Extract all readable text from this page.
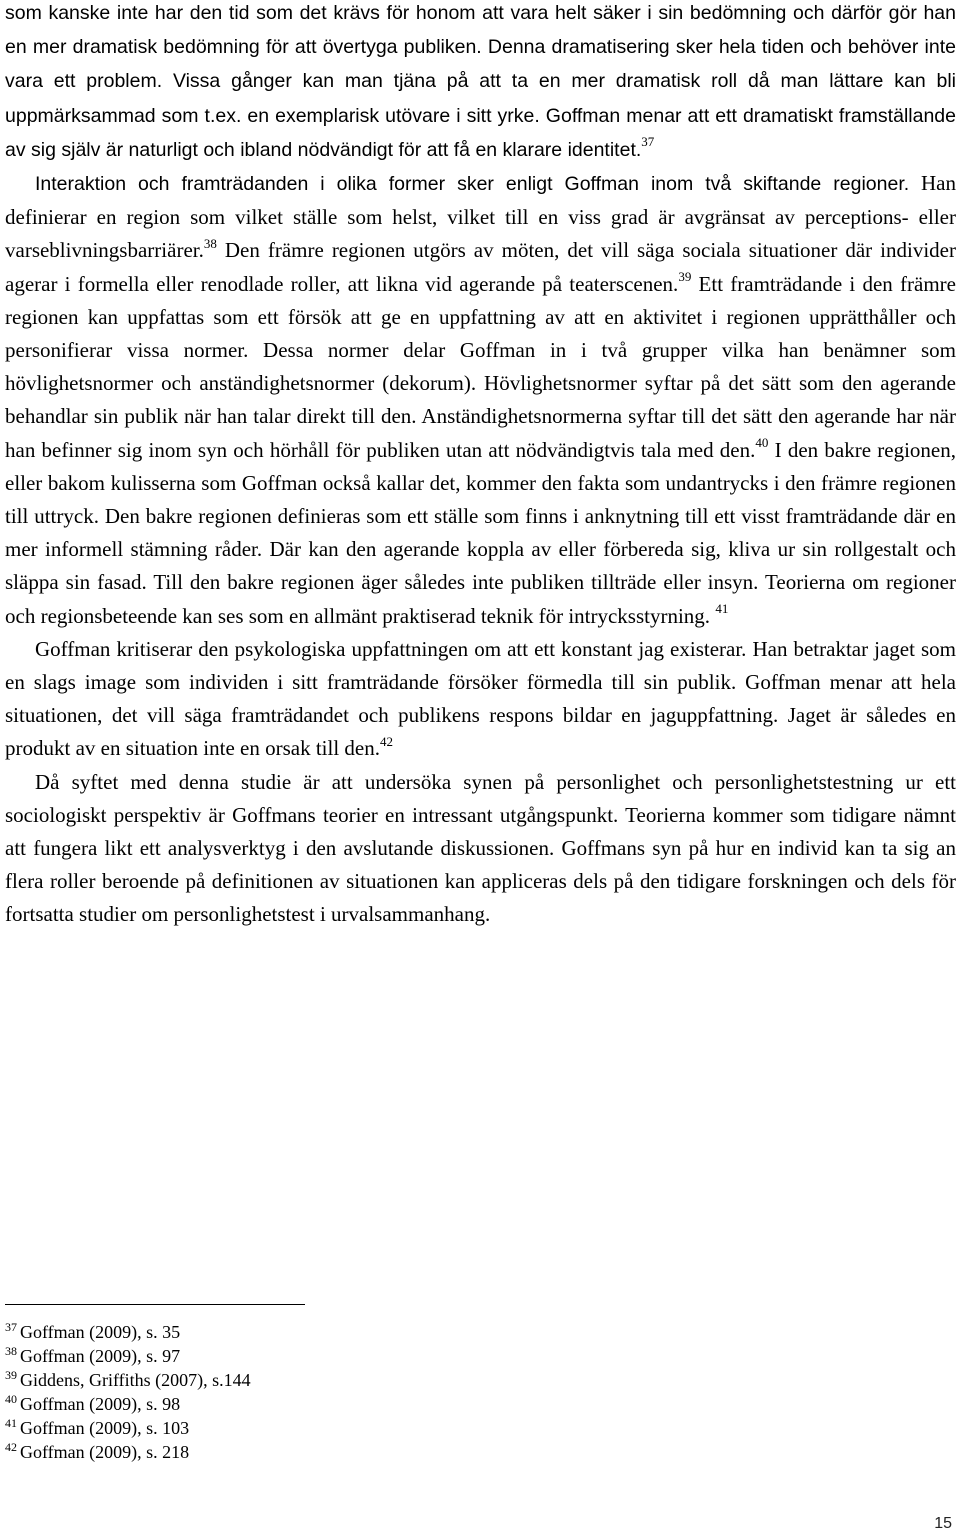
som kanske inte har den tid som det krävs för honom att vara helt säker i sin bedömning och därför gör han en mer dramatisk bedömning för att övertyga publiken. Denna dramatisering sker hela tiden och behöver inte vara ett problem. Vissa gånger kan man tjäna på att ta en mer dramatisk roll då man lättare kan bli uppmärksammad som t.ex. en exemplarisk utövare i sitt yrke. Goffman menar att ett dramatiskt framställande av sig själv är naturligt och ibland nödvändigt för att få en klarare identitet.$^{37}$

Interaktion och framträdanden i olika former sker enligt Goffman inom två skiftande regioner. Han definierar en region som vilket ställe som helst, vilket till en viss grad är avgränsat av perceptions- eller varseblivningsbarriärer.$^{38}$ Den främre regionen utgörs av möten, det vill säga sociala situationer där individer agerar i formella eller renodlade roller, att likna vid agerande på teaterscenen.$^{39}$ Ett framträdande i den främre regionen kan uppfattas som ett försök att ge en uppfattning av att en aktivitet i regionen upprätthåller och personifierar vissa normer. Dessa normer delar Goffman in i två grupper vilka han benämner som hövlighetsnormer och anständighetsnormer (dekorum). Hövlighetsnormer syftar på det sätt som den agerande behandlar sin publik när han talar direkt till den. Anständighetsnormerna syftar till det sätt den agerande har när han befinner sig inom syn och hörhåll för publiken utan att nödvändigtvis tala med den.$^{40}$ I den bakre regionen, eller bakom kulisserna som Goffman också kallar det, kommer den fakta som undantrycks i den främre regionen till uttryck. Den bakre regionen definieras som ett ställe som finns i anknytning till ett visst framträdande där en mer informell stämning råder. Där kan den agerande koppla av eller förbereda sig, kliva ur sin rollgestalt och släppa sin fasad. Till den bakre regionen äger således inte publiken tillträde eller insyn. Teorierna om regioner och regionsbeteende kan ses som en allmänt praktiserad teknik för intrycksstyrning. $^{41}$

Goffman kritiserar den psykologiska uppfattningen om att ett konstant jag existerar. Han betraktar jaget som en slags image som individen i sitt framträdande försöker förmedla till sin publik. Goffman menar att hela situationen, det vill säga framträdandet och publikens respons bildar en jaguppfattning. Jaget är således en produkt av en situation inte en orsak till den.$^{42}$

Då syftet med denna studie är att undersöka synen på personlighet och personlighetstestning ur ett sociologiskt perspektiv är Goffmans teorier en intressant utgångspunkt. Teorierna kommer som tidigare nämnt att fungera likt ett analysverktyg i den avslutande diskussionen. Goffmans syn på hur en individ kan ta sig an flera roller beroende på definitionen av situationen kan appliceras dels på den tidigare forskningen och dels för fortsatta studier om personlighetstest i urvalsammanhang.

$^{37}$ Goffman (2009), s. 35
$^{38}$ Goffman (2009), s. 97
$^{39}$ Giddens, Griffiths (2007), s.144
$^{40}$ Goffman (2009), s. 98
$^{41}$ Goffman (2009), s. 103
$^{42}$ Goffman (2009), s. 218
15
